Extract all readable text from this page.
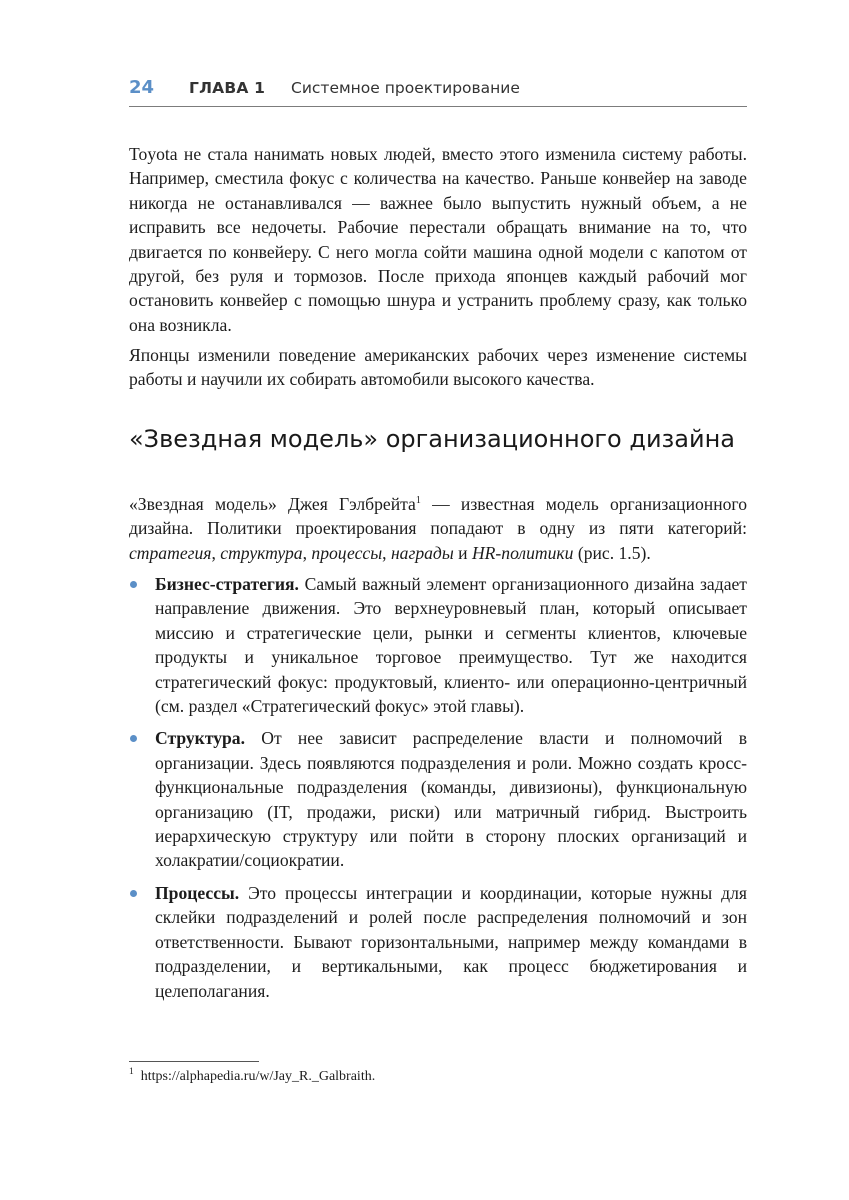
24 ГЛАВА 1 Системное проектирование

Toyota не стала нанимать новых людей, вместо этого изменила систему работы. Например, сместила фокус с количества на качество. Раньше конвейер на заводе никогда не останавливался — важнее было выпустить нужный объем, а не исправить все недочеты. Рабочие перестали обращать внимание на то, что двигается по конвейеру. С него могла сойти машина одной модели с капотом от другой, без руля и тормозов. После прихода японцев каждый рабочий мог остановить конвейер с помощью шнура и устранить проблему сразу, как только она возникла.

Японцы изменили поведение американских рабочих через изменение системы работы и научили их собирать автомобили высокого качества.

«Звездная модель» организационного дизайна

«Звездная модель» Джея Гэлбрейта$^1$ — известная модель организационного дизайна. Политики проектирования попадают в одну из пяти категорий: стратегия, структура, процессы, награды и HR-политики (рис. 1.5).

Бизнес-стратегия. Самый важный элемент организационного дизайна задает направление движения. Это верхнеуровневый план, который описывает миссию и стратегические цели, рынки и сегменты клиентов, ключевые продукты и уникальное торговое преимущество. Тут же находится стратегический фокус: продуктовый, клиенто- или операционно-центричный (см. раздел «Стратегический фокус» этой главы).
Структура. От нее зависит распределение власти и полномочий в организации. Здесь появляются подразделения и роли. Можно создать кросс-функциональные подразделения (команды, дивизионы), функциональную организацию (IT, продажи, риски) или матричный гибрид. Выстроить иерархическую структуру или пойти в сторону плоских организаций и холакратии/социократии.
Процессы. Это процессы интеграции и координации, которые нужны для склейки подразделений и ролей после распределения полномочий и зон ответственности. Бывают горизонтальными, например между командами в подразделении, и вертикальными, как процесс бюджетирования и целеполагания.
$^1$ https://alphapedia.ru/w/Jay_R._Galbraith.
